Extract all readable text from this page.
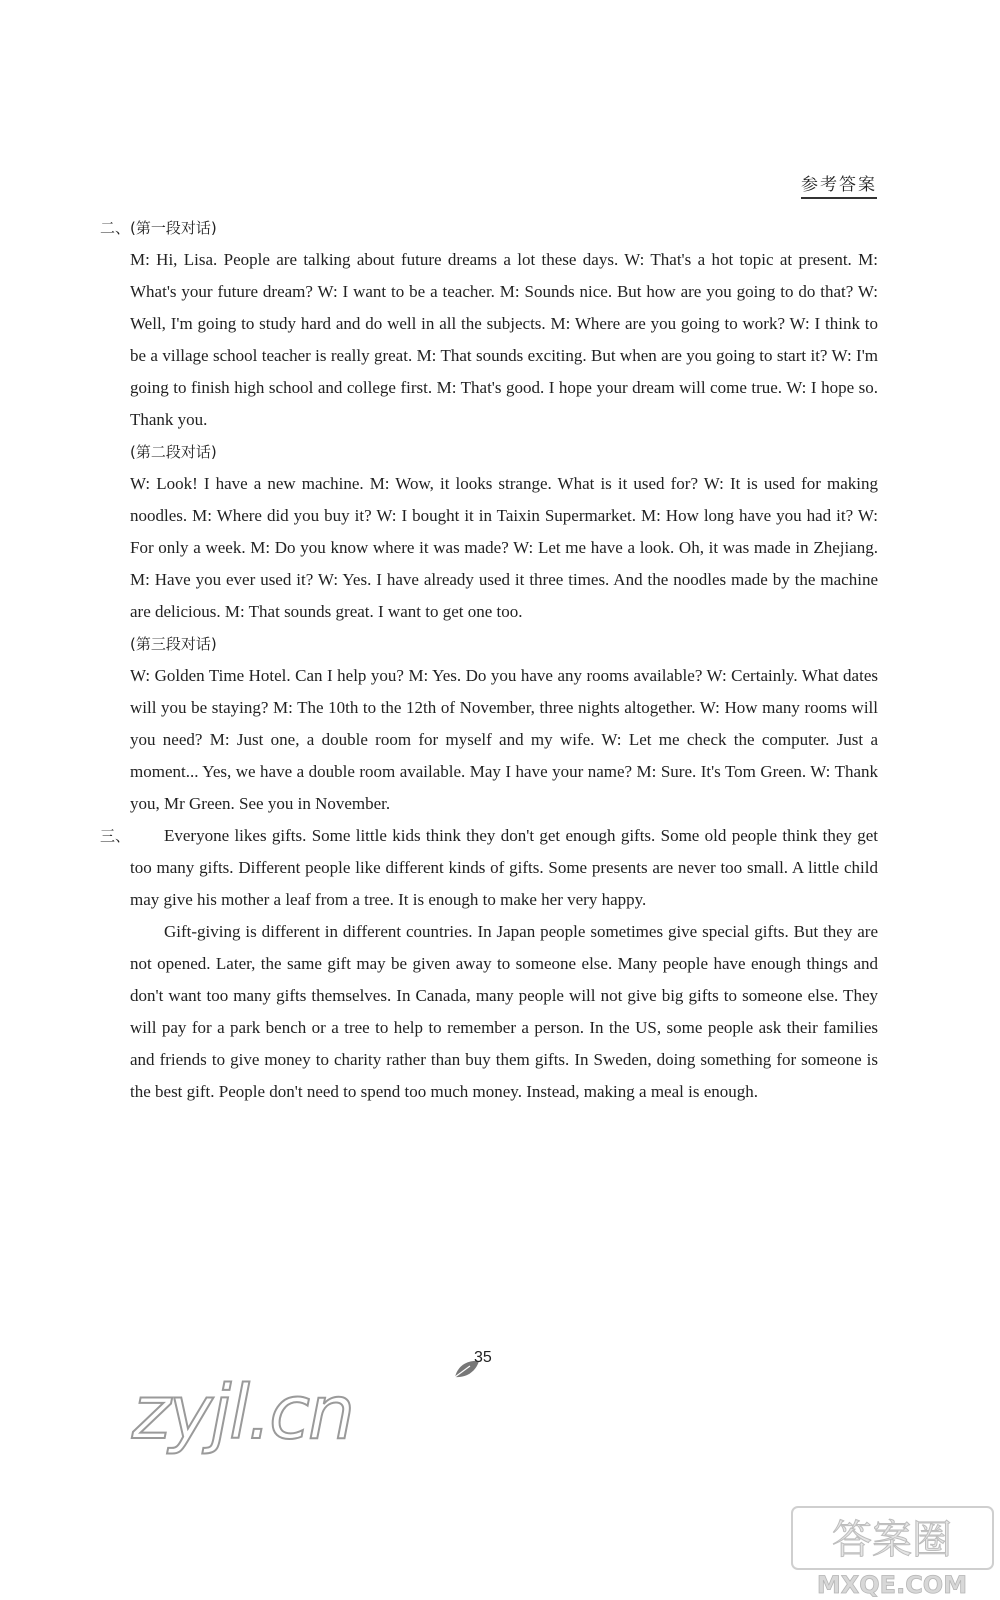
参考答案
二、 (第一段对话)

M: Hi, Lisa. People are talking about future dreams a lot these days. W: That's a hot topic at present. M: What's your future dream? W: I want to be a teacher. M: Sounds nice. But how are you going to do that? W: Well, I'm going to study hard and do well in all the subjects. M: Where are you going to work? W: I think to be a village school teacher is really great. M: That sounds exciting. But when are you going to start it? W: I'm going to finish high school and college first. M: That's good. I hope your dream will come true. W: I hope so. Thank you.

(第二段对话)

W: Look! I have a new machine. M: Wow, it looks strange. What is it used for? W: It is used for making noodles. M: Where did you buy it? W: I bought it in Taixin Supermarket. M: How long have you had it? W: For only a week. M: Do you know where it was made? W: Let me have a look. Oh, it was made in Zhejiang. M: Have you ever used it? W: Yes. I have already used it three times. And the noodles made by the machine are delicious. M: That sounds great. I want to get one too.

(第三段对话)

W: Golden Time Hotel. Can I help you? M: Yes. Do you have any rooms available? W: Certainly. What dates will you be staying? M: The 10th to the 12th of November, three nights altogether. W: How many rooms will you need? M: Just one, a double room for myself and my wife. W: Let me check the computer. Just a moment... Yes, we have a double room available. May I have your name? M: Sure. It's Tom Green. W: Thank you, Mr Green. See you in November.

三、	Everyone likes gifts. Some little kids think they don't get enough gifts. Some old people think they get too many gifts. Different people like different kinds of gifts. Some presents are never too small. A little child may give his mother a leaf from a tree. It is enough to make her very happy.

Gift-giving is different in different countries. In Japan people sometimes give special gifts. But they are not opened. Later, the same gift may be given away to someone else. Many people have enough things and don't want too many gifts themselves. In Canada, many people will not give big gifts to someone else. They will pay for a park bench or a tree to help to remember a person. In the US, some people ask their families and friends to give money to charity rather than buy them gifts. In Sweden, doing something for someone is the best gift. People don't need to spend too much money. Instead, making a meal is enough.

35
zyjl.cn
答案圈
MXQE.COM
